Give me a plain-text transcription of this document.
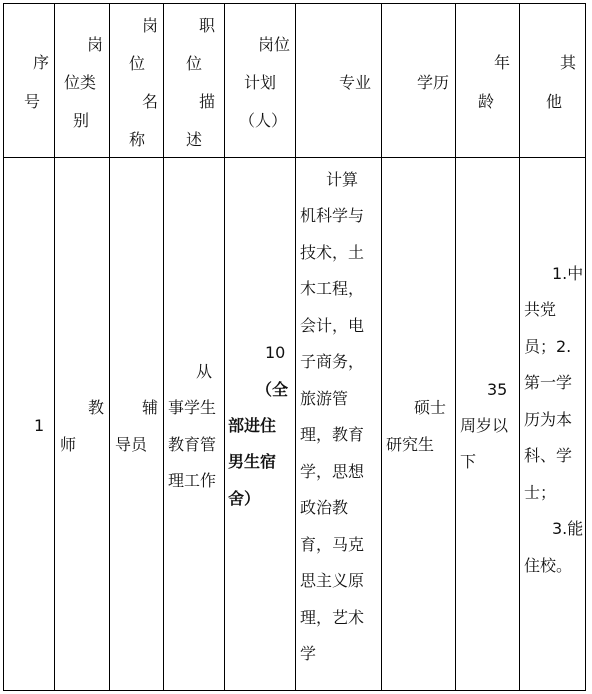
序
号
岗
位类
别
岗
位
名
称
职
位
描
述
岗位
计划
（人）
专业	学历
年
龄
其
他
1
教
师
辅
导员
从
事学生
教育管
理工作
10
（全
部进住
男生宿
舍）
计算
机科学与
技术，土
木工程，
会计，电
子商务，
旅游管
理，教育
学，思想
政治教
育，马克
思主义原
理，艺术
学
硕士
研究生
35
周岁以
下
1.中
共党
员；2.
第一学
历为本
科、学
士；
3.能
住校。
